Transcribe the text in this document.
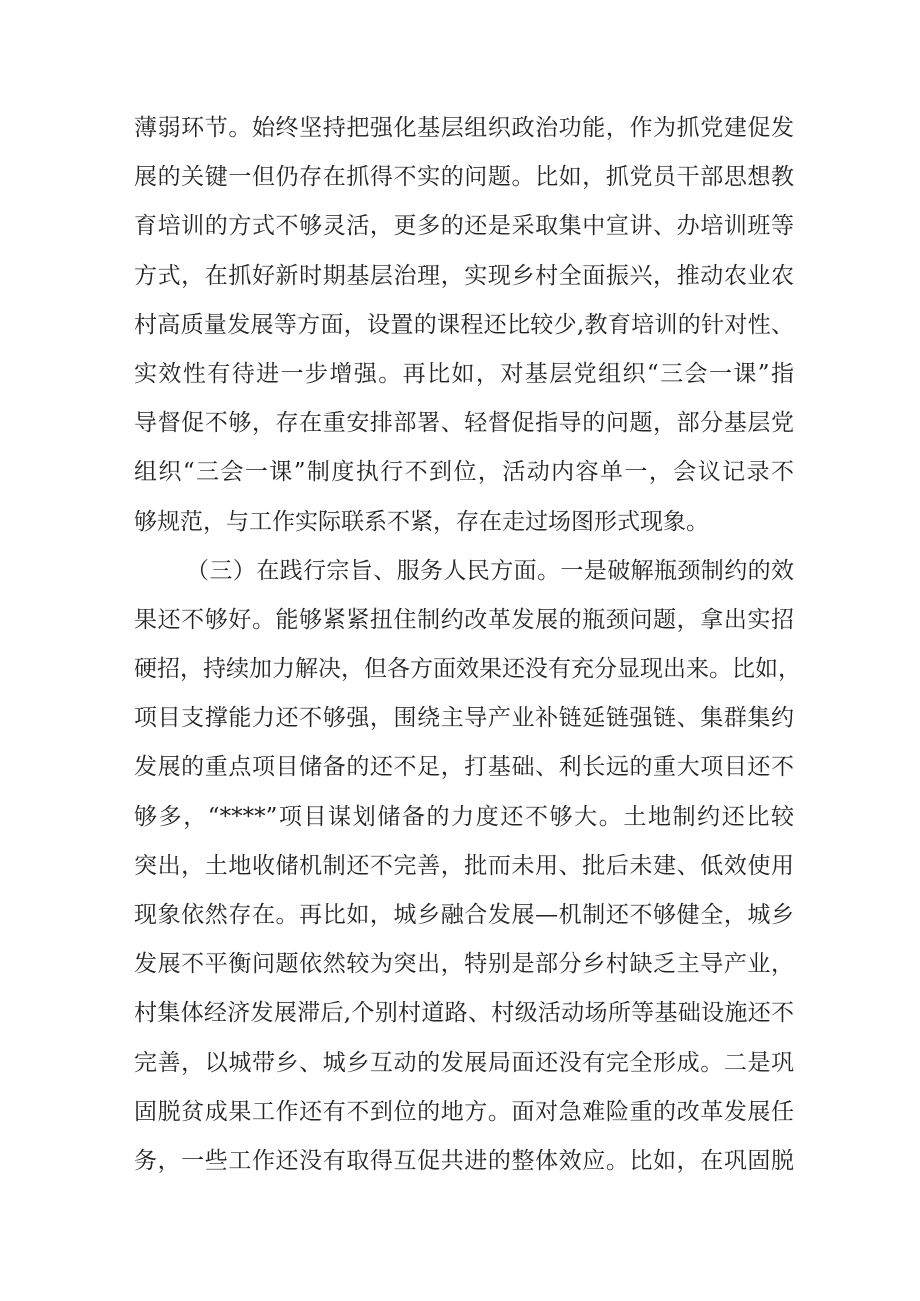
薄弱环节。始终坚持把强化基层组织政治功能，作为抓党建促发
展的关键一但仍存在抓得不实的问题。比如，抓党员干部思想教
育培训的方式不够灵活，更多的还是采取集中宣讲、办培训班等
方式，在抓好新时期基层治理，实现乡村全面振兴，推动农业农
村高质量发展等方面，设置的课程还比较少,教育培训的针对性、
实效性有待进一步增强。再比如，对基层党组织“三会一课”指
导督促不够，存在重安排部署、轻督促指导的问题，部分基层党
组织“三会一课”制度执行不到位，活动内容单一，会议记录不
够规范，与工作实际联系不紧，存在走过场图形式现象。
（三）在践行宗旨、服务人民方面。一是破解瓶颈制约的效
果还不够好。能够紧紧扭住制约改革发展的瓶颈问题，拿出实招
硬招，持续加力解决，但各方面效果还没有充分显现出来。比如，
项目支撑能力还不够强，围绕主导产业补链延链强链、集群集约
发展的重点项目储备的还不足，打基础、利长远的重大项目还不
够多，“****”项目谋划储备的力度还不够大。土地制约还比较
突出，土地收储机制还不完善，批而未用、批后未建、低效使用
现象依然存在。再比如，城乡融合发展—机制还不够健全，城乡
发展不平衡问题依然较为突出，特别是部分乡村缺乏主导产业，
村集体经济发展滞后,个别村道路、村级活动场所等基础设施还不
完善，以城带乡、城乡互动的发展局面还没有完全形成。二是巩
固脱贫成果工作还有不到位的地方。面对急难险重的改革发展任
务，一些工作还没有取得互促共进的整体效应。比如，在巩固脱
